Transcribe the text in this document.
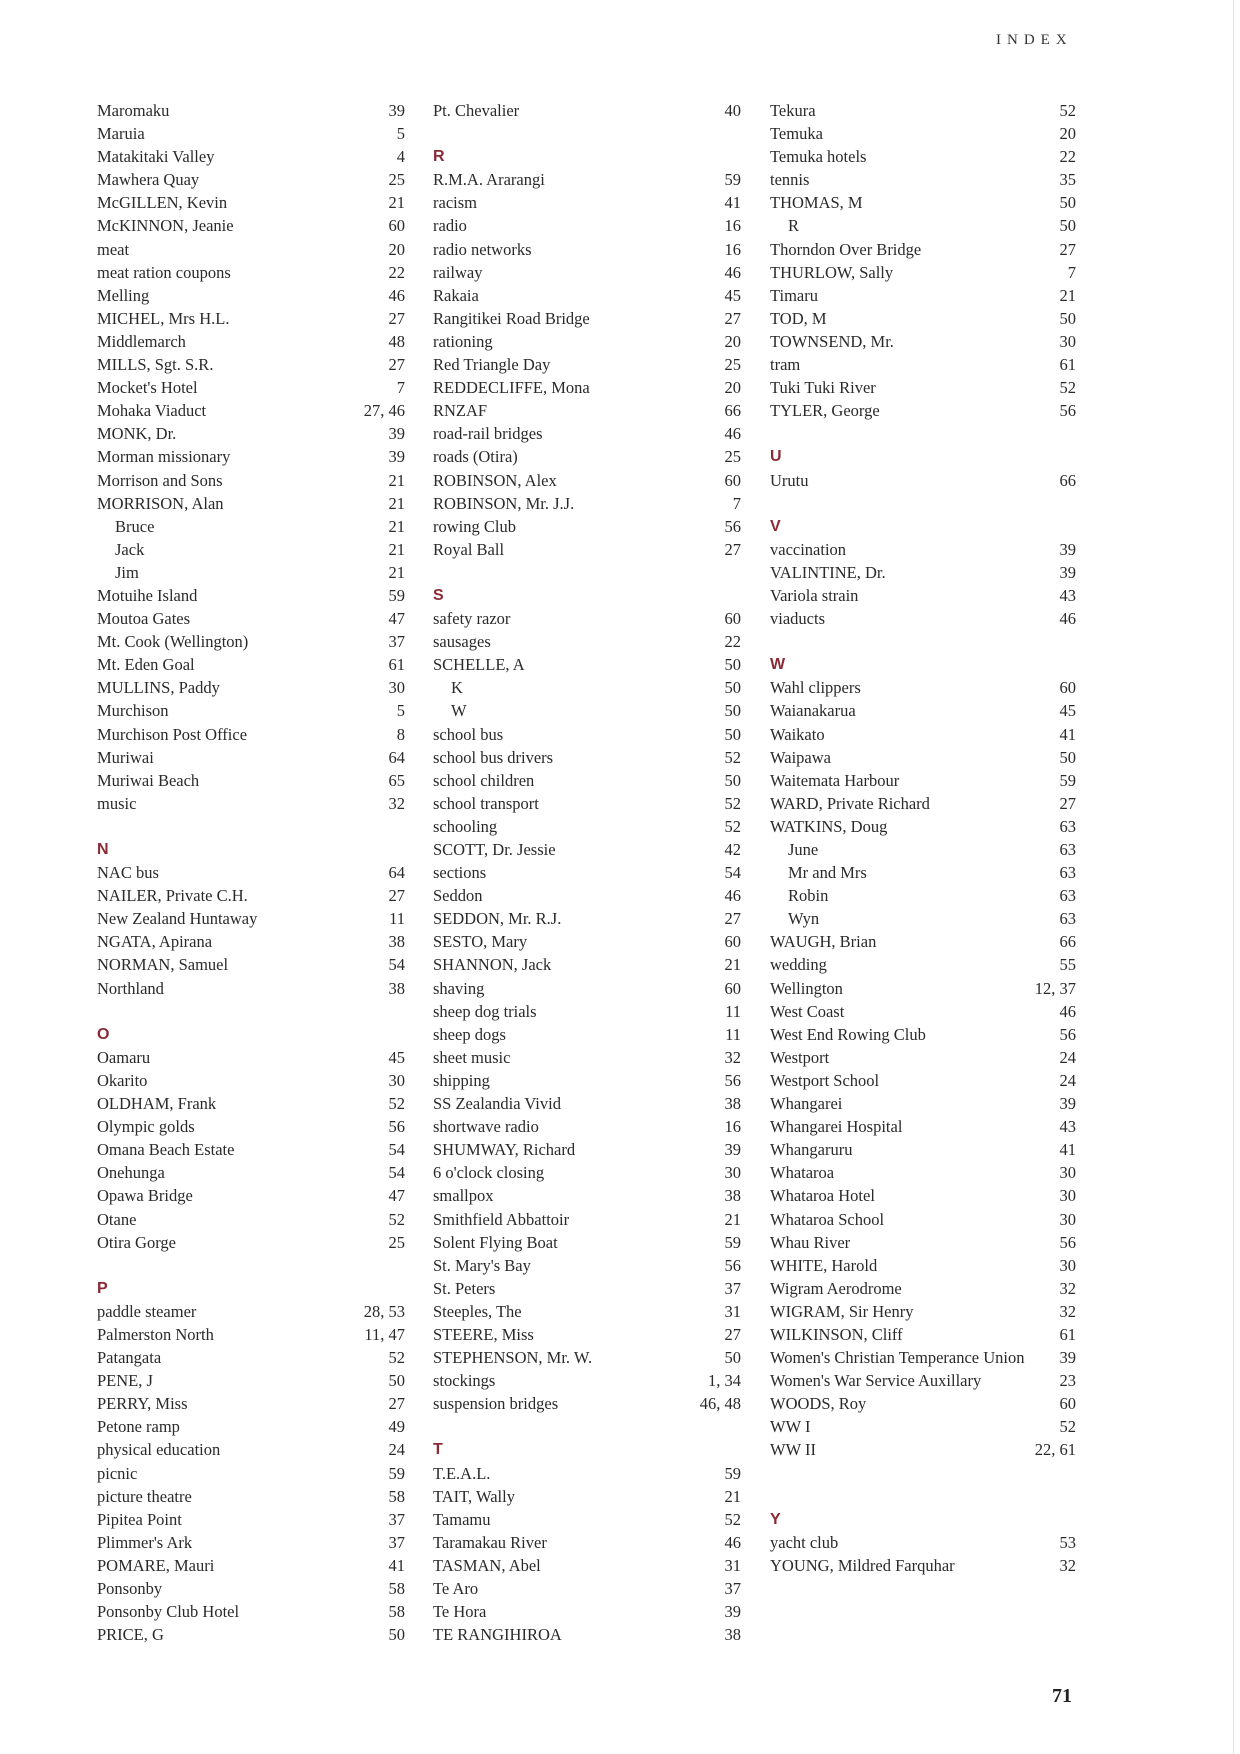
INDEX
Maromaku	39
Maruia	5
Matakitaki Valley	4
Mawhera Quay	25
McGILLEN, Kevin	21
McKINNON, Jeanie	60
meat	20
meat ration coupons	22
Melling	46
MICHEL, Mrs H.L.	27
Middlemarch	48
MILLS, Sgt. S.R.	27
Mocket's Hotel	7
Mohaka Viaduct	27, 46
MONK, Dr.	39
Morman missionary	39
Morrison and Sons	21
MORRISON, Alan	21
Bruce	21
Jack	21
Jim	21
Motuihe Island	59
Moutoa Gates	47
Mt. Cook (Wellington)	37
Mt. Eden Goal	61
MULLINS, Paddy	30
Murchison	5
Murchison Post Office	8
Muriwai	64
Muriwai Beach	65
music	32
N
NAC bus	64
NAILER, Private C.H.	27
New Zealand Huntaway	11
NGATA, Apirana	38
NORMAN, Samuel	54
Northland	38
O
Oamaru	45
Okarito	30
OLDHAM, Frank	52
Olympic golds	56
Omana Beach Estate	54
Onehunga	54
Opawa Bridge	47
Otane	52
Otira Gorge	25
P
paddle steamer	28, 53
Palmerston North	11, 47
Patangata	52
PENE, J	50
PERRY, Miss	27
Petone ramp	49
physical education	24
picnic	59
picture theatre	58
Pipitea Point	37
Plimmer's Ark	37
POMARE, Mauri	41
Ponsonby	58
Ponsonby Club Hotel	58
PRICE, G	50
Pt. Chevalier	40
R
R.M.A. Ararangi	59
racism	41
radio	16
radio networks	16
railway	46
Rakaia	45
Rangitikei Road Bridge	27
rationing	20
Red Triangle Day	25
REDDECLIFFE, Mona	20
RNZAF	66
road-rail bridges	46
roads (Otira)	25
ROBINSON, Alex	60
ROBINSON, Mr. J.J.	7
rowing Club	56
Royal Ball	27
S
safety razor	60
sausages	22
SCHELLE, A	50
K	50
W	50
school bus	50
school bus drivers	52
school children	50
school transport	52
schooling	52
SCOTT, Dr. Jessie	42
sections	54
Seddon	46
SEDDON, Mr. R.J.	27
SESTO, Mary	60
SHANNON, Jack	21
shaving	60
sheep dog trials	11
sheep dogs	11
sheet music	32
shipping	56
SS Zealandia Vivid	38
shortwave radio	16
SHUMWAY, Richard	39
6 o'clock closing	30
smallpox	38
Smithfield Abbattoir	21
Solent Flying Boat	59
St. Mary's Bay	56
St. Peters	37
Steeples, The	31
STEERE, Miss	27
STEPHENSON, Mr. W.	50
stockings	1, 34
suspension bridges	46, 48
T
T.E.A.L.	59
TAIT, Wally	21
Tamamu	52
Taramakau River	46
TASMAN, Abel	31
Te Aro	37
Te Hora	39
TE RANGIHIROA	38
Tekura	52
Temuka	20
Temuka hotels	22
tennis	35
THOMAS, M	50
R	50
Thorndon Over Bridge	27
THURLOW, Sally	7
Timaru	21
TOD, M	50
TOWNSEND, Mr.	30
tram	61
Tuki Tuki River	52
TYLER, George	56
U
Urutu	66
V
vaccination	39
VALINTINE, Dr.	39
Variola strain	43
viaducts	46
W
Wahl clippers	60
Waianakarua	45
Waikato	41
Waipawa	50
Waitemata Harbour	59
WARD, Private Richard	27
WATKINS, Doug	63
June	63
Mr and Mrs	63
Robin	63
Wyn	63
WAUGH, Brian	66
wedding	55
Wellington	12, 37
West Coast	46
West End Rowing Club	56
Westport	24
Westport School	24
Whangarei	39
Whangarei Hospital	43
Whangaruru	41
Whataroa	30
Whataroa Hotel	30
Whataroa School	30
Whau River	56
WHITE, Harold	30
Wigram Aerodrome	32
WIGRAM, Sir Henry	32
WILKINSON, Cliff	61
Women's Christian Temperance Union 39
Women's War Service Auxillary	23
WOODS, Roy	60
WW I	52
WW II	22, 61
Y
yacht club	53
YOUNG, Mildred Farquhar	32
71
